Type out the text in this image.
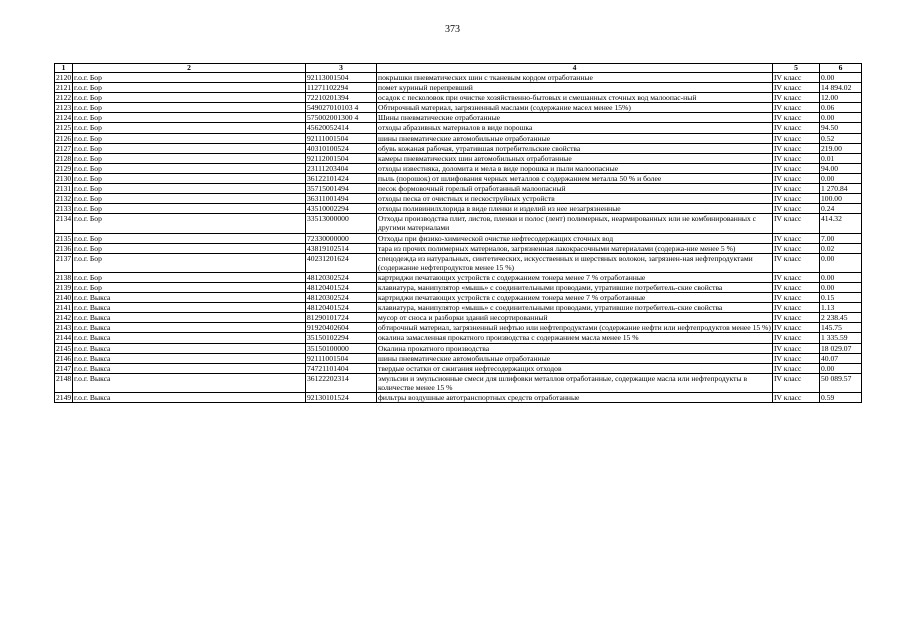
373
1	2	3	4	5	6
2120	г.о.г. Бор	92113001504	покрышки пневматических шин с тканевым кордом отработанные	IV класс	0.00
2121	г.о.г. Бор	11271102294	помет куриный перепревший	IV класс	14 894.02
2122	г.о.г. Бор	72210201394	осадок с песколовок при очистке хозяйственно-бытовых и смешанных сточных вод малоопас-ный	IV класс	12.00
2123	г.о.г. Бор	549027010103 4	Обтирочный материал, загрязненный маслами (содержание масел менее 15%)	IV класс	0.06
2124	г.о.г. Бор	575002001300 4	Шины пневматические отработанные	IV класс	0.00
2125	г.о.г. Бор	45620052414	отходы абразивных материалов в виде порошка	IV класс	94.50
2126	г.о.г. Бор	92111001504	шины пневматические автомобильные отработанные	IV класс	0.52
2127	г.о.г. Бор	40310100524	обувь кожаная рабочая, утратившая потребительские свойства	IV класс	219.00
2128	г.о.г. Бор	92112001504	камеры пневматических шин автомобильных отработанные	IV класс	0.01
2129	г.о.г. Бор	23111203404	отходы известняка, доломита и мела в виде порошка и пыли малоопасные	IV класс	94.00
2130	г.о.г. Бор	36122101424	пыль (порошок) от шлифования черных металлов с содержанием металла 50 % и более	IV класс	0.00
2131	г.о.г. Бор	35715001494	песок формовочный горелый отработанный малоопасный	IV класс	1 270.84
2132	г.о.г. Бор	36311001494	отходы песка от очистных и пескоструйных устройств	IV класс	100.00
2133	г.о.г. Бор	43510002294	отходы поливинилхлорида в виде пленки и изделий из нее незагрязненные	IV класс	0.24
2134	г.о.г. Бор	33513000000	Отходы производства плит, листов, пленки и полос (лент) полимерных, неармированных или не комбинированных с другими материалами	IV класс	414.32
2135	г.о.г. Бор	72330000000	Отходы при физико-химической очистке нефтесодержащих сточных вод	IV класс	7.00
2136	г.о.г. Бор	43819102514	тара из прочих полимерных материалов, загрязненная лакокрасочными материалами (содержа-ние менее 5 %)	IV класс	0.02
2137	г.о.г. Бор	40231201624	спецодежда из натуральных, синтетических, искусственных и шерстяных волокон, загрязнен-ная нефтепродуктами (содержание нефтепродуктов менее 15 %)	IV класс	0.00
2138	г.о.г. Бор	48120302524	картриджи печатающих устройств с содержанием тонера менее 7 % отработанные	IV класс	0.00
2139	г.о.г. Бор	48120401524	клавиатура, манипулятор «мышь» с соединительными проводами, утратившие потребитель-ские свойства	IV класс	0.00
2140	г.о.г. Выкса	48120302524	картриджи печатающих устройств с содержанием тонера менее 7 % отработанные	IV класс	0.15
2141	г.о.г. Выкса	48120401524	клавиатура, манипулятор «мышь» с соединительными проводами, утратившие потребитель-ские свойства	IV класс	1.13
2142	г.о.г. Выкса	81290101724	мусор от сноса и разборки зданий несортированный	IV класс	2 238.45
2143	г.о.г. Выкса	91920402604	обтирочный материал, загрязненный нефтью или нефтепродуктами (содержание нефти или нефтепродуктов менее 15 %)	IV класс	145.75
2144	г.о.г. Выкса	35150102294	окалина замасленная прокатного производства с содержанием масла менее 15 %	IV класс	1 335.59
2145	г.о.г. Выкса	35150100000	Окалина прокатного производства	IV класс	18 029.07
2146	г.о.г. Выкса	92111001504	шины пневматические автомобильные отработанные	IV класс	40.07
2147	г.о.г. Выкса	74721101404	твердые остатки от сжигания нефтесодержащих отходов	IV класс	0.00
2148	г.о.г. Выкса	36122202314	эмульсии и эмульсионные смеси для шлифовки металлов отработанные, содержащие масла или нефтепродукты в количестве менее 15 %	IV класс	50 089.57
2149	г.о.г. Выкса	92130101524	фильтры воздушные автотранспортных средств отработанные	IV класс	0.59
